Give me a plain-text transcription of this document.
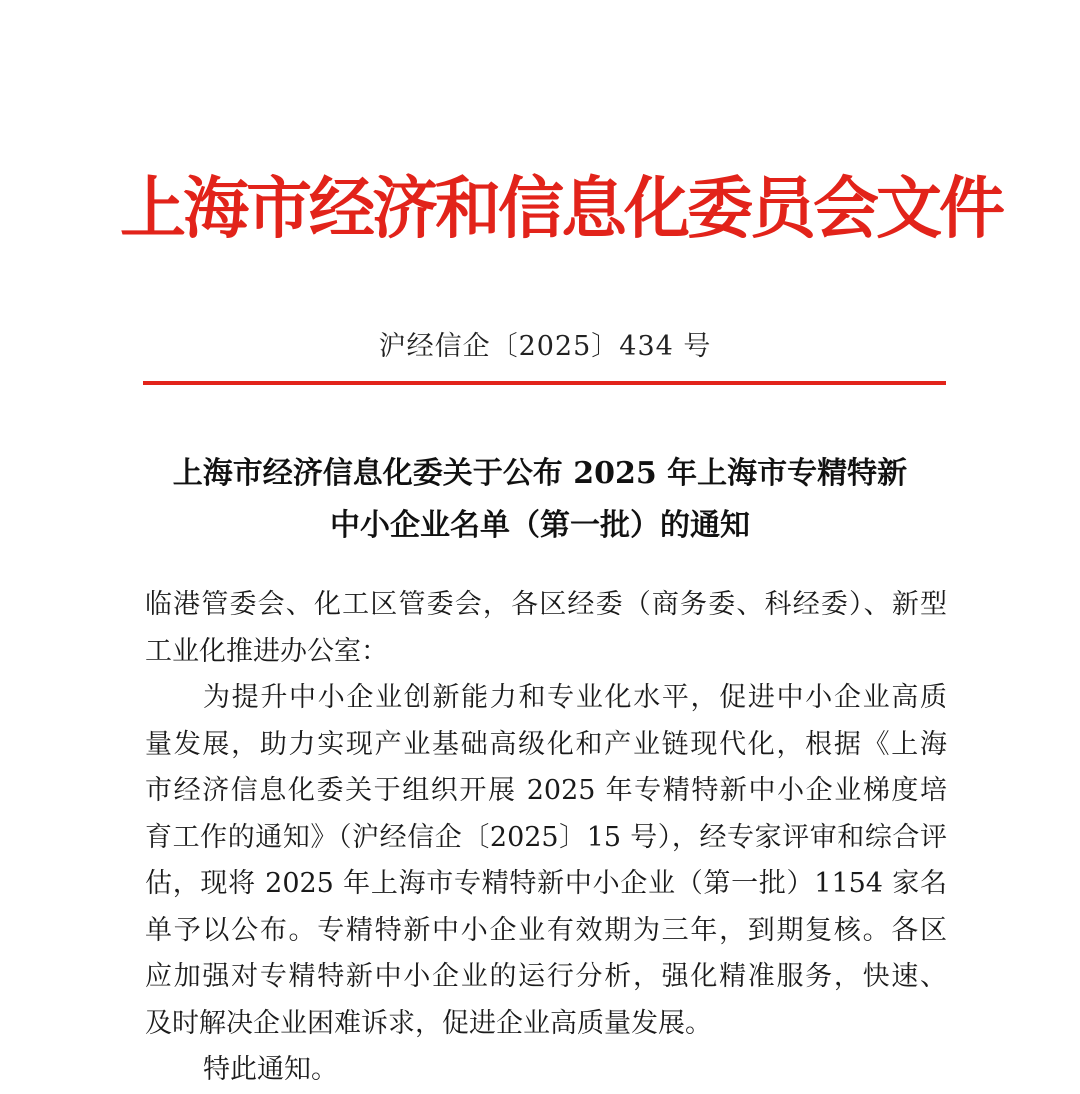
上海市经济和信息化委员会文件
沪经信企〔2025〕434 号
上海市经济信息化委关于公布 2025 年上海市专精特新
中小企业名单（第一批）的通知
临港管委会、化工区管委会，各区经委（商务委、科经委）、新型
工业化推进办公室：
为提升中小企业创新能力和专业化水平，促进中小企业高质
量发展，助力实现产业基础高级化和产业链现代化，根据《上海
市经济信息化委关于组织开展 2025 年专精特新中小企业梯度培
育工作的通知》（沪经信企〔2025〕15 号），经专家评审和综合评
估，现将 2025 年上海市专精特新中小企业（第一批）1154 家名
单予以公布。专精特新中小企业有效期为三年，到期复核。各区
应加强对专精特新中小企业的运行分析，强化精准服务，快速、
及时解决企业困难诉求，促进企业高质量发展。
特此通知。
